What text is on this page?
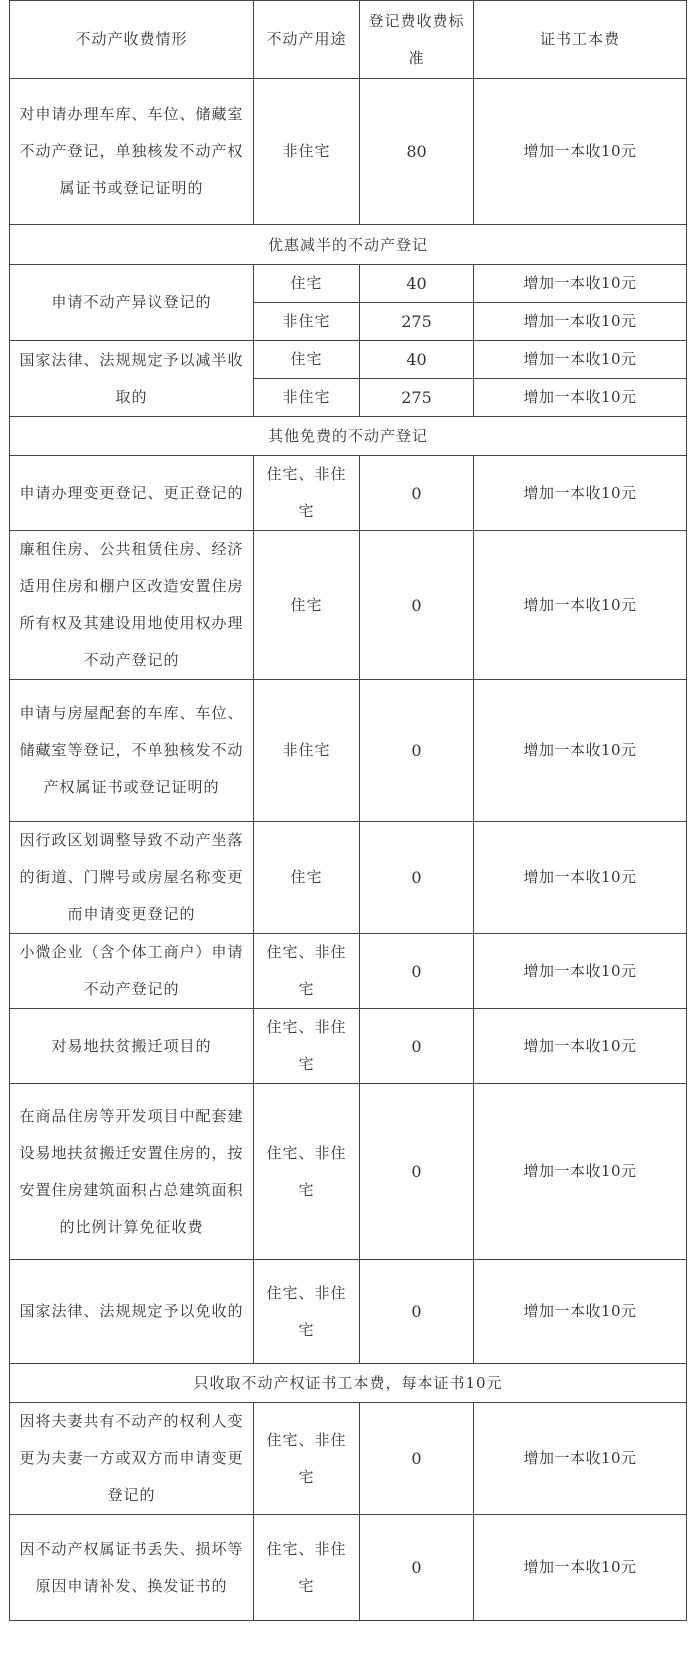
不动产收费情形	不动产用途	登记费收费标准	证书工本费
对申请办理车库、车位、储藏室不动产登记，单独核发不动产权属证书或登记证明的	非住宅	80	增加一本收10元
优惠减半的不动产登记			
申请不动产异议登记的	住宅	40	增加一本收10元
	非住宅	275	增加一本收10元
国家法律、法规规定予以减半收取的	住宅	40	增加一本收10元
	非住宅	275	增加一本收10元
其他免费的不动产登记			
申请办理变更登记、更正登记的	住宅、非住宅	0	增加一本收10元
廉租住房、公共租赁住房、经济适用住房和棚户区改造安置住房所有权及其建设用地使用权办理不动产登记的	住宅	0	增加一本收10元
申请与房屋配套的车库、车位、储藏室等登记，不单独核发不动产权属证书或登记证明的	非住宅	0	增加一本收10元
因行政区划调整导致不动产坐落的街道、门牌号或房屋名称变更而申请变更登记的	住宅	0	增加一本收10元
小微企业（含个体工商户）申请不动产登记的	住宅、非住宅	0	增加一本收10元
对易地扶贫搬迁项目的	住宅、非住宅	0	增加一本收10元
在商品住房等开发项目中配套建设易地扶贫搬迁安置住房的，按安置住房建筑面积占总建筑面积的比例计算免征收费	住宅、非住宅	0	增加一本收10元
国家法律、法规规定予以免收的	住宅、非住宅	0	增加一本收10元
只收取不动产权证书工本费，每本证书10元			
因将夫妻共有不动产的权利人变更为夫妻一方或双方而申请变更登记的	住宅、非住宅	0	增加一本收10元
因不动产权属证书丢失、损坏等原因申请补发、换发证书的	住宅、非住宅	0	增加一本收10元
